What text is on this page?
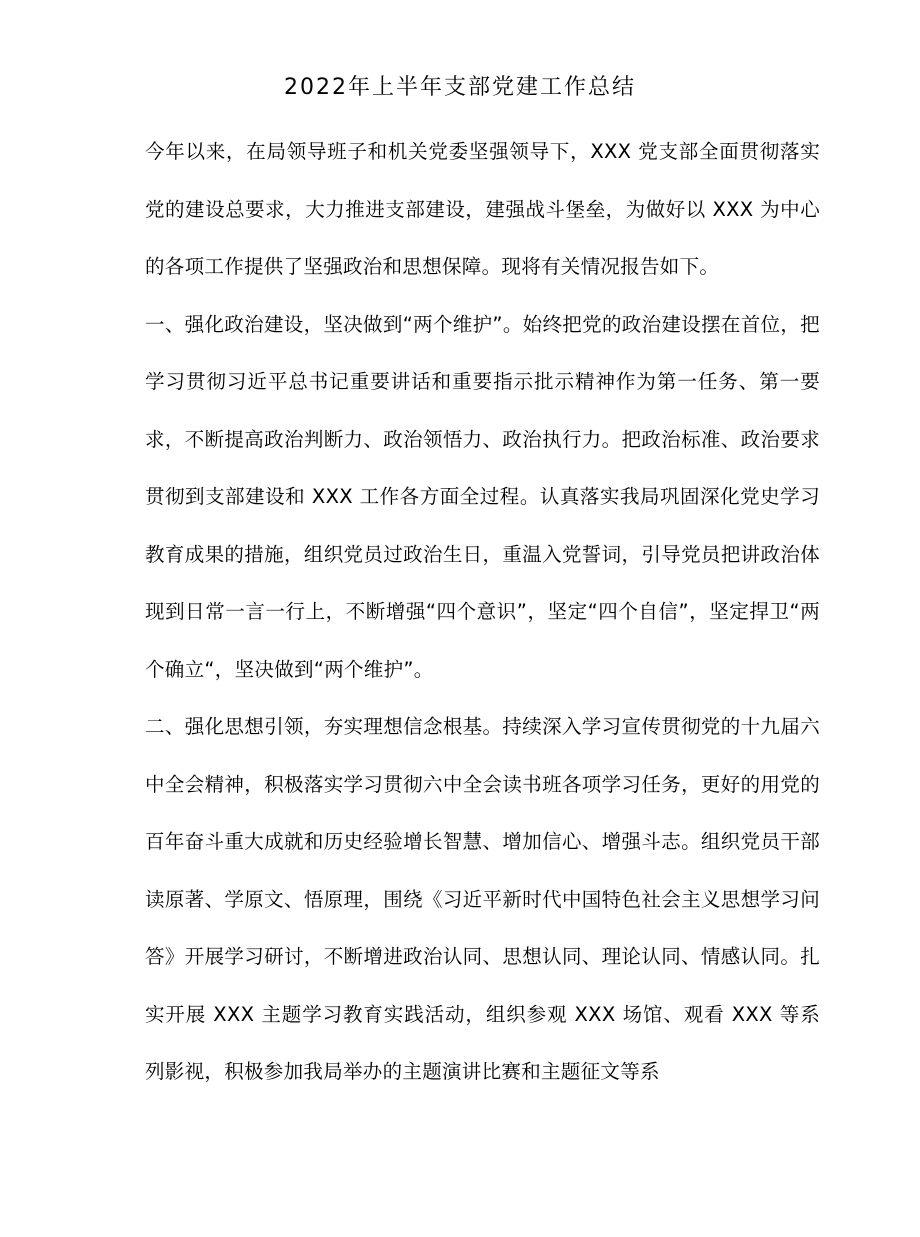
2022年上半年支部党建工作总结

今年以来，在局领导班子和机关党委坚强领导下，XXX 党支部全面贯彻落实党的建设总要求，大力推进支部建设，建强战斗堡垒，为做好以 XXX 为中心的各项工作提供了坚强政治和思想保障。现将有关情况报告如下。

一、强化政治建设，坚决做到“两个维护”。始终把党的政治建设摆在首位，把学习贯彻习近平总书记重要讲话和重要指示批示精神作为第一任务、第一要求，不断提高政治判断力、政治领悟力、政治执行力。把政治标准、政治要求贯彻到支部建设和 XXX 工作各方面全过程。认真落实我局巩固深化党史学习教育成果的措施，组织党员过政治生日，重温入党誓词，引导党员把讲政治体现到日常一言一行上，不断增强“四个意识”，坚定“四个自信”，坚定捍卫“两个确立“，坚决做到“两个维护”。

二、强化思想引领，夯实理想信念根基。持续深入学习宣传贯彻党的十九届六中全会精神，积极落实学习贯彻六中全会读书班各项学习任务，更好的用党的百年奋斗重大成就和历史经验增长智慧、增加信心、增强斗志。组织党员干部读原著、学原文、悟原理，围绕《习近平新时代中国特色社会主义思想学习问答》开展学习研讨，不断增进政治认同、思想认同、理论认同、情感认同。扎实开展 XXX 主题学习教育实践活动，组织参观 XXX 场馆、观看 XXX 等系列影视，积极参加我局举办的主题演讲比赛和主题征文等系
